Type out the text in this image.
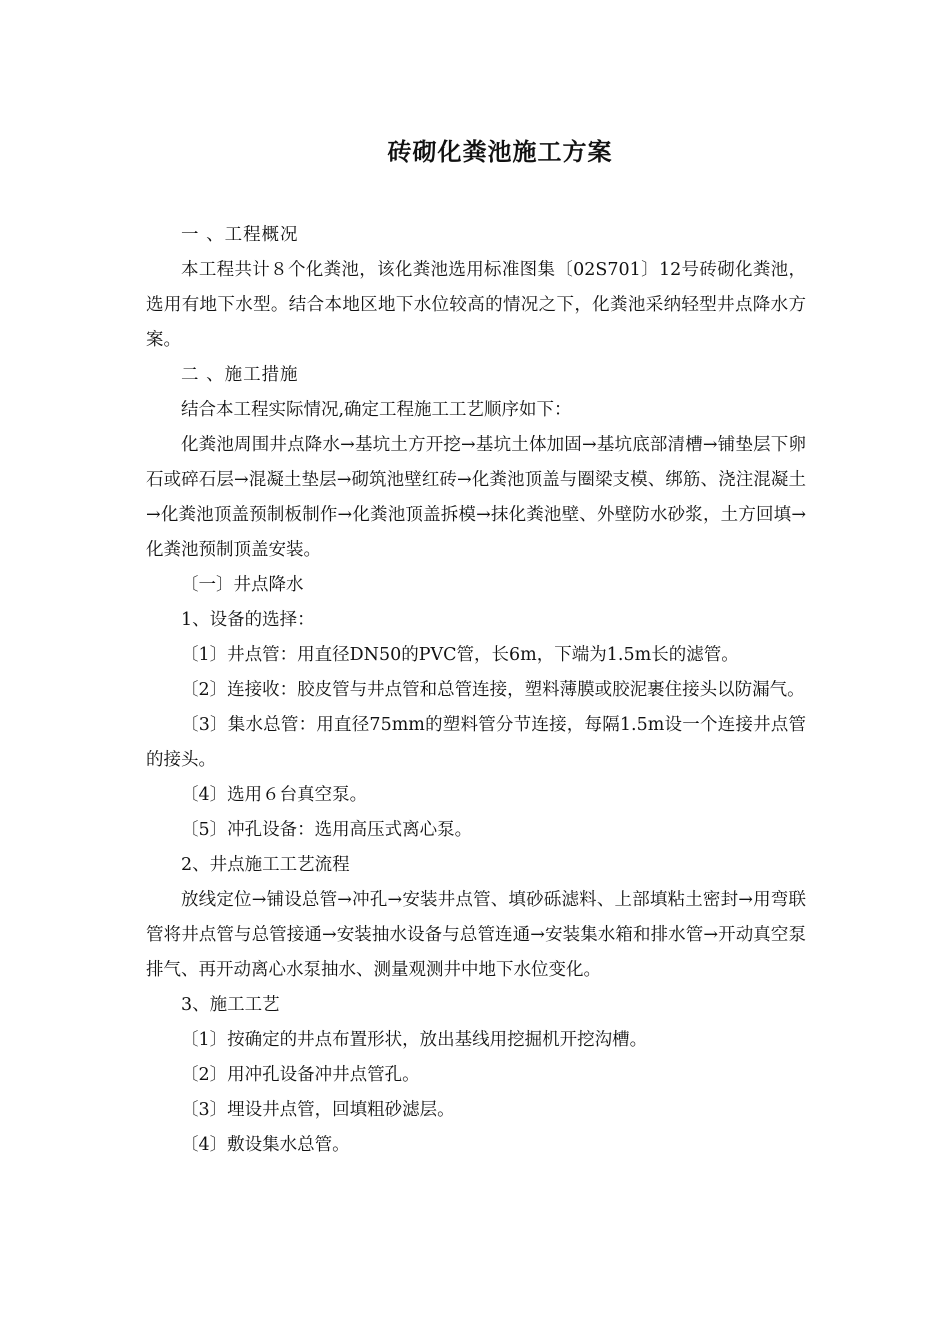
砖砌化粪池施工方案

一 、工程概况

本工程共计８个化粪池，该化粪池选用标准图集〔02S701〕12号砖砌化粪池，选用有地下水型。结合本地区地下水位较高的情况之下，化粪池采纳轻型井点降水方案。

二 、施工措施

结合本工程实际情况,确定工程施工工艺顺序如下：

化粪池周围井点降水→基坑土方开挖→基坑土体加固→基坑底部清槽→铺垫层下卵石或碎石层→混凝土垫层→砌筑池壁红砖→化粪池顶盖与圈梁支模、绑筋、浇注混凝土→化粪池顶盖预制板制作→化粪池顶盖拆模→抹化粪池壁、外壁防水砂浆，土方回填→化粪池预制顶盖安装。

〔一〕井点降水

1、设备的选择：

〔1〕井点管：用直径DN50的PVC管，长6m，下端为1.5m长的滤管。

〔2〕连接收：胶皮管与井点管和总管连接，塑料薄膜或胶泥裹住接头以防漏气。

〔3〕集水总管：用直径75mm的塑料管分节连接，每隔1.5m设一个连接井点管的接头。

〔4〕选用６台真空泵。

〔5〕冲孔设备：选用高压式离心泵。

2、井点施工工艺流程

放线定位→铺设总管→冲孔→安装井点管、填砂砾滤料、上部填粘土密封→用弯联管将井点管与总管接通→安装抽水设备与总管连通→安装集水箱和排水管→开动真空泵排气、再开动离心水泵抽水、测量观测井中地下水位变化。

3、施工工艺

〔1〕按确定的井点布置形状，放出基线用挖掘机开挖沟槽。

〔2〕用冲孔设备冲井点管孔。

〔3〕埋设井点管，回填粗砂滤层。

〔4〕敷设集水总管。
